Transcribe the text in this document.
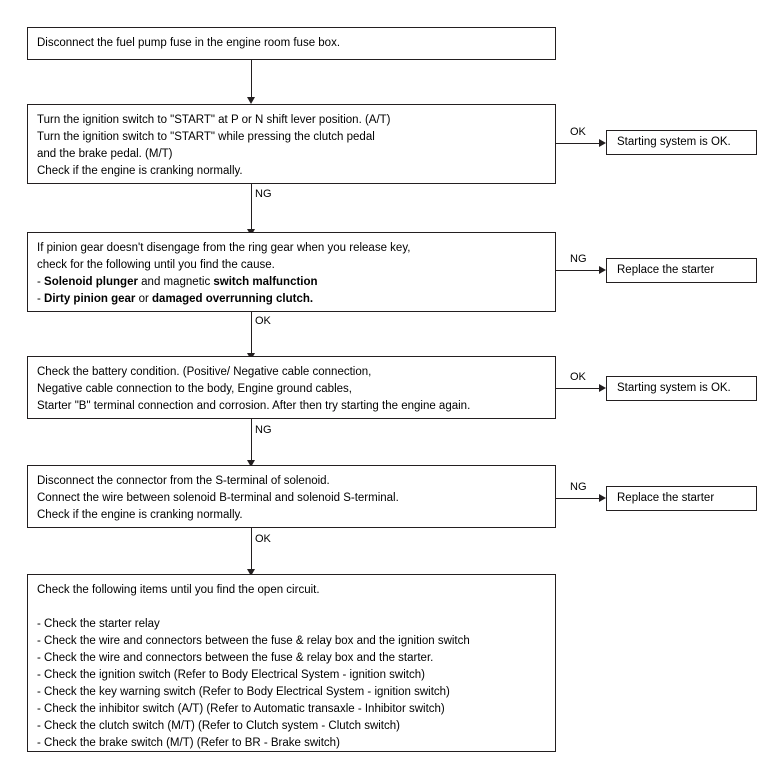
Disconnect the fuel pump fuse in the engine room fuse box.
Turn the ignition switch to "START" at P or N shift lever position. (A/T)
Turn the ignition switch to "START" while pressing the clutch pedal
and the brake pedal. (M/T)
Check if the engine is cranking normally.
OK
Starting system is OK.
NG
If pinion gear doesn't disengage from the ring gear when you release key,
check for the following until you find the cause.
- Solenoid plunger and magnetic switch malfunction
- Dirty pinion gear or damaged overrunning clutch.
NG
Replace the starter
OK
Check the battery condition. (Positive/ Negative cable connection,
Negative cable connection to the body, Engine ground cables,
Starter "B" terminal connection and corrosion. After then try starting the engine again.
OK
Starting system is OK.
NG
Disconnect the connector from the S-terminal of solenoid.
Connect the wire between solenoid B-terminal and solenoid S-terminal.
Check if the engine is cranking normally.
NG
Replace the starter
OK
Check the following items until you find the open circuit.

- Check the starter relay
- Check the wire and connectors between the fuse & relay box and the ignition switch
- Check the wire and connectors between the fuse & relay box and the starter.
- Check the ignition switch (Refer to Body Electrical System - ignition switch)
- Check the key warning switch (Refer to Body Electrical System - ignition switch)
- Check the inhibitor switch (A/T) (Refer to Automatic transaxle - Inhibitor switch)
- Check the clutch switch (M/T) (Refer to Clutch system - Clutch switch)
- Check the brake switch (M/T) (Refer to BR - Brake switch)
